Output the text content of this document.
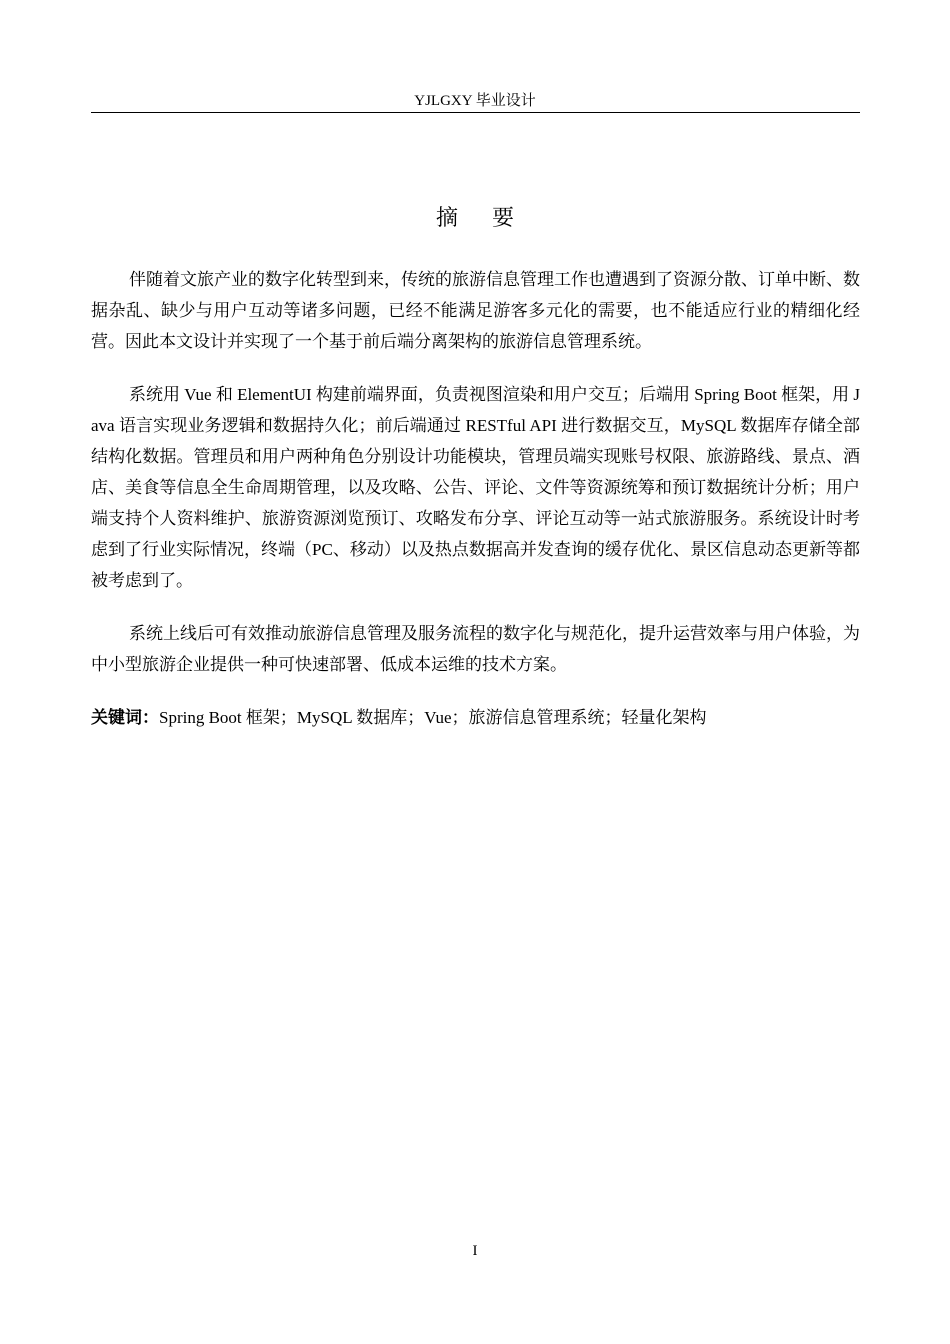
YJLGXY 毕业设计
摘要

伴随着文旅产业的数字化转型到来，传统的旅游信息管理工作也遭遇到了资源分散、订单中断、数据杂乱、缺少与用户互动等诸多问题，已经不能满足游客多元化的需要，也不能适应行业的精细化经营。因此本文设计并实现了一个基于前后端分离架构的旅游信息管理系统。

系统用 Vue 和 ElementUI 构建前端界面，负责视图渲染和用户交互；后端用 Spring Boot 框架，用 Java 语言实现业务逻辑和数据持久化；前后端通过 RESTful API 进行数据交互，MySQL 数据库存储全部结构化数据。管理员和用户两种角色分别设计功能模块，管理员端实现账号权限、旅游路线、景点、酒店、美食等信息全生命周期管理，以及攻略、公告、评论、文件等资源统筹和预订数据统计分析；用户端支持个人资料维护、旅游资源浏览预订、攻略发布分享、评论互动等一站式旅游服务。系统设计时考虑到了行业实际情况，终端（PC、移动）以及热点数据高并发查询的缓存优化、景区信息动态更新等都被考虑到了。

系统上线后可有效推动旅游信息管理及服务流程的数字化与规范化，提升运营效率与用户体验，为中小型旅游企业提供一种可快速部署、低成本运维的技术方案。

关键词：Spring Boot 框架；MySQL 数据库；Vue；旅游信息管理系统；轻量化架构

I
